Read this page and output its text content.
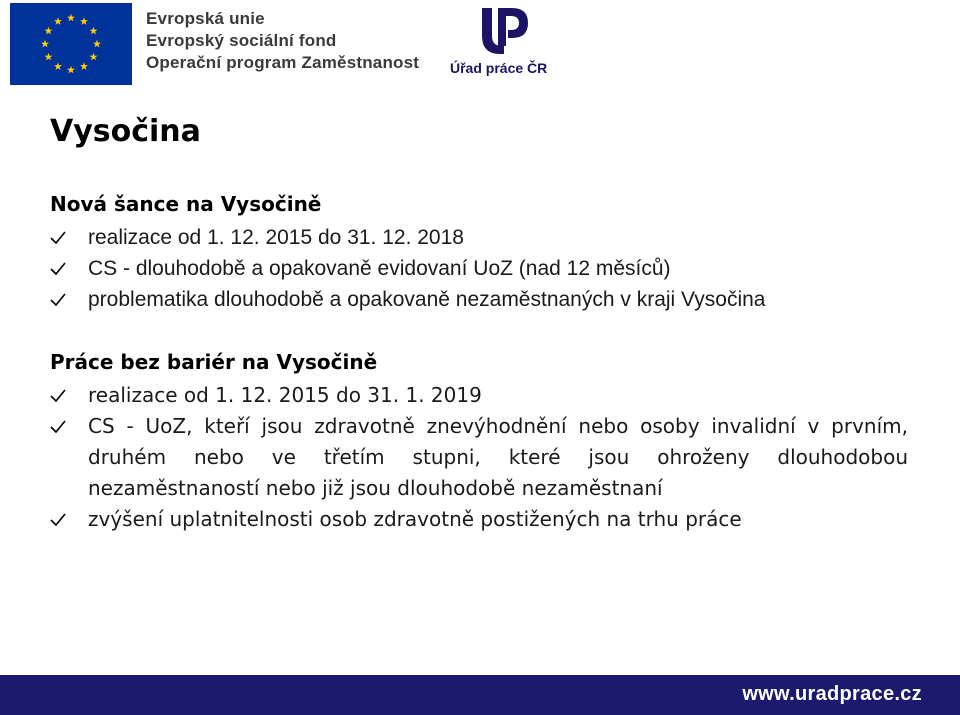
Evropská unie
Evropský sociální fond
Operační program Zaměstnanost Úřad práce ČR
Vysočina
Nová šance na Vysočině
realizace od 1. 12. 2015 do 31. 12. 2018
CS - dlouhodobě a opakovaně evidovaní UoZ (nad 12 měsíců)
problematika dlouhodobě a opakovaně nezaměstnaných v kraji Vysočina
Práce bez bariér na Vysočině
realizace od 1. 12. 2015 do 31. 1. 2019
CS - UoZ, kteří jsou zdravotně znevýhodnění nebo osoby invalidní v prvním, druhém nebo ve třetím stupni, které jsou ohroženy dlouhodobou nezaměstnaností nebo již jsou dlouhodobě nezaměstnaní
zvýšení uplatnitelnosti osob zdravotně postižených na trhu práce
www.uradprace.cz
